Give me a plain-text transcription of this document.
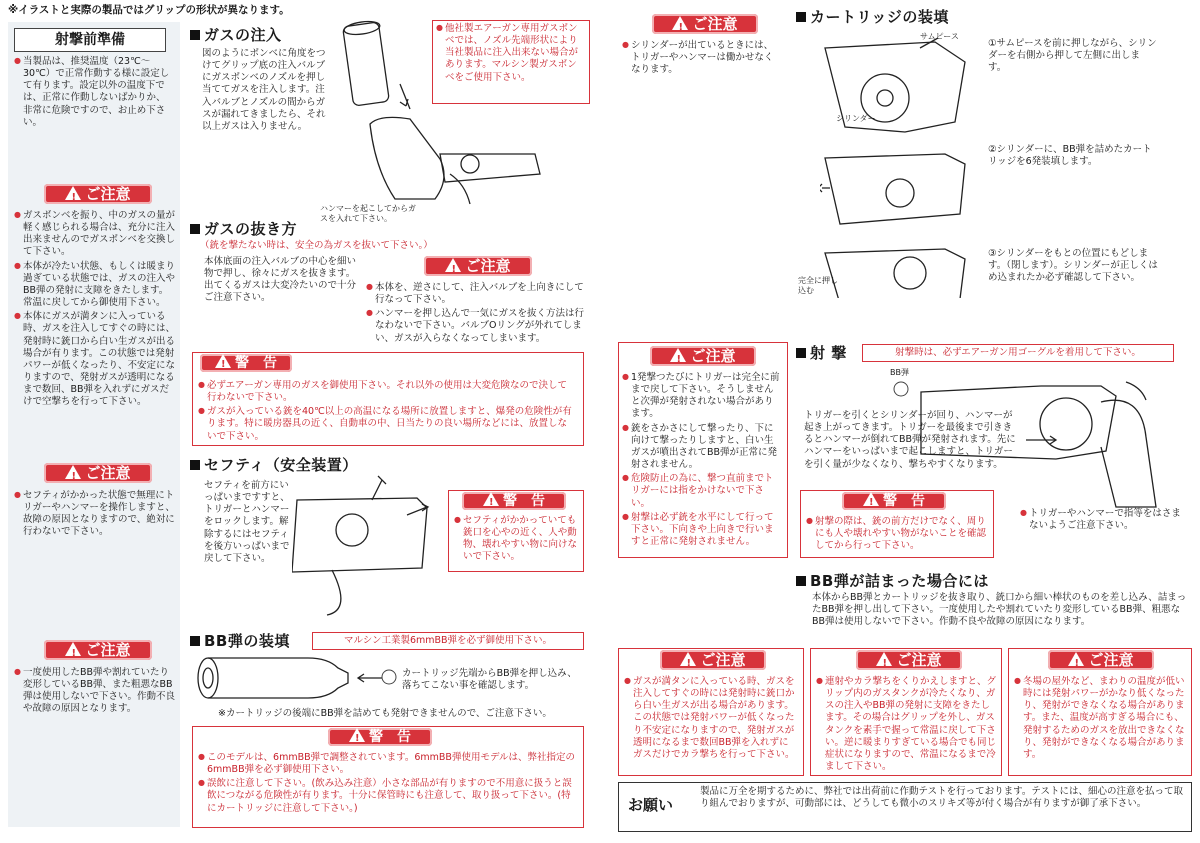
※イラストと実際の製品ではグリップの形状が異なります。
射撃前準備
● 当製品は、推奨温度（23℃〜30℃）で正常作動する様に設定して有ります。設定以外の温度下では、正常に作動しないばかりか、非常に危険ですので、お止め下さい。
!ご注意
● ガスボンベを振り、中のガスの量が軽く感じられる場合は、充分に注入出来ませんのでガスボンベを交換して下さい。
● 本体が冷たい状態、もしくは暖まり過ぎている状態では、ガスの注入やBB弾の発射に支障をきたします。常温に戻してから御使用下さい。
● 本体にガスが満タンに入っている時、ガスを注入してすぐの時には、発射時に銃口から白い生ガスが出る場合が有ります。この状態では発射パワーが低くなったり、不安定になりますので、発射ガスが透明になるまで数回、BB弾を入れずにガスだけで空撃ちを行って下さい。
!ご注意
● セフティがかかった状態で無理にトリガーやハンマーを操作しますと、故障の原因となりますので、絶対に行わないで下さい。
!ご注意
● 一度使用したBB弾や割れていたり変形しているBB弾、また粗悪なBB弾は使用しないで下さい。作動不良や故障の原因となります。
ガスの注入
図のようにボンベに角度をつけてグリップ底の注入バルブにガスボンベのノズルを押し当ててガスを注入します。注入バルブとノズルの間からガスが漏れてきましたら、それ以上ガスは入りません。
● 他社製エアーガン専用ガスボンベでは、ノズル先端形状により当社製品に注入出来ない場合があります。マルシン製ガスボンベをご使用下さい。
ハンマーを起こしてからガスを入れて下さい。
ガスの抜き方
（銃を撃たない時は、安全の為ガスを抜いて下さい。）
本体底面の注入バルブの中心を細い物で押し、徐々にガスを抜きます。出てくるガスは大変冷たいので十分ご注意下さい。
!ご注意
● 本体を、逆さにして、注入バルブを上向きにして行なって下さい。
● ハンマーを押し込んで一気にガスを抜く方法は行なわないで下さい。バルブOリングが外れてしまい、ガスが入らなくなってしまいます。
!警　告
● 必ずエアーガン専用のガスを御使用下さい。それ以外の使用は大変危険なので決して行わないで下さい。
● ガスが入っている銃を40℃以上の高温になる場所に放置しますと、爆発の危険性が有ります。特に暖房器具の近く、自動車の中、日当たりの良い場所などには、放置しないで下さい。
セフティ（安全装置）
セフティを前方にいっぱいまですすと、トリガーとハンマーをロックします。解除するにはセフティを後方いっぱいまで戻して下さい。
!警　告
● セフティがかかっていても銃口を心やの近く、人や動物、壊れやすい物に向けないで下さい。
BB弾の装填	マルシン工業製6mmBB弾を必ず御使用下さい。
カートリッジ先端からBB弾を押し込み、落ちてこない事を確認します。
※カートリッジの後端にBB弾を詰めても発射できませんので、ご注意下さい。
!警　告
● このモデルは、6mmBB弾で調整されています。6mmBB弾使用モデルは、弊社指定の6mmBB弾を必ず御使用下さい。
● 誤飲に注意して下さい。(飲み込み注意）小さな部品が有りますので不用意に扱うと誤飲につながる危険性が有ります。十分に保管時にも注意して、取り扱って下さい。(特にカートリッジに注意して下さい。)
!ご注意
● シリンダーが出ているときには、トリガーやハンマーは働かせなくなります。
カートリッジの装填
サムピース
シリンダー
完全に押し込む
①サムピースを前に押しながら、シリンダーを右側から押して左側に出します。
②シリンダーに、BB弾を詰めたカートリッジを6発装填します。
③シリンダーをもとの位置にもどします。（閉します）。シリンダーが正しくはめ込まれたか必ず確認して下さい。
!ご注意
● 1発撃つたびにトリガーは完全に前まで戻して下さい。そうしませんと次弾が発射されない場合があります。
● 銃をさかさにして撃ったり、下に向けて撃ったりしますと、白い生ガスが噴出されてBB弾が正常に発射されません。
● 危険防止の為に、撃つ直前までトリガーには指をかけないで下さい。
● 射撃は必ず銃を水平にして行って下さい。下向きや上向きで行いますと正常に発射されません。
射 撃	射撃時は、必ずエアーガン用ゴーグルを着用して下さい。
BB弾
トリガーを引くとシリンダーが回り、ハンマーが起き上がってきます。トリガーを最後まで引ききるとハンマーが倒れてBB弾が発射されます。先にハンマーをいっぱいまで起こしますと、トリガーを引く量が少なくなり、撃ちやすくなります。
!警　告
● 射撃の際は、銃の前方だけでなく、周りにも人や壊れやすい物がないことを確認してから行って下さい。
● トリガーやハンマーで指等をはさまないようご注意下さい。
BB弾が詰まった場合には
本体からBB弾とカートリッジを抜き取り、銃口から細い棒状のものを差し込み、詰まったBB弾を押し出して下さい。一度使用したや割れていたり変形しているBB弾、粗悪なBB弾は使用しないで下さい。作動不良や故障の原因になります。
!ご注意
● ガスが満タンに入っている時、ガスを注入してすぐの時には発射時に銃口から白い生ガスが出る場合があります。この状態では発射パワーが低くなったり不安定になりますので、発射ガスが透明になるまで数回BB弾を入れずにガスだけでカラ撃ちを行って下さい。
!ご注意
● 連射やカラ撃ちをくりかえしますと、グリップ内のガスタンクが冷たくなり、ガスの注入やBB弾の発射に支障をきたします。その場合はグリップを外し、ガスタンクを素手で握って常温に戻して下さい。逆に暖まりすぎている場合でも同じ症状になりますので、常温になるまで冷まして下さい。
!ご注意
● 冬場の屋外など、まわりの温度が低い時には発射パワーがかなり低くなったり、発射ができなくなる場合があります。また、温度が高すぎる場合にも、発射するためのガスを放出できなくなり、発射ができなくなる場合があります。
お願い
製品に万全を期するために、弊社では出荷前に作動テストを行っております。テストには、細心の注意を払って取り組んでおりますが、可動部には、どうしても微小のスリキズ等が付く場合が有りますが御了承下さい。
